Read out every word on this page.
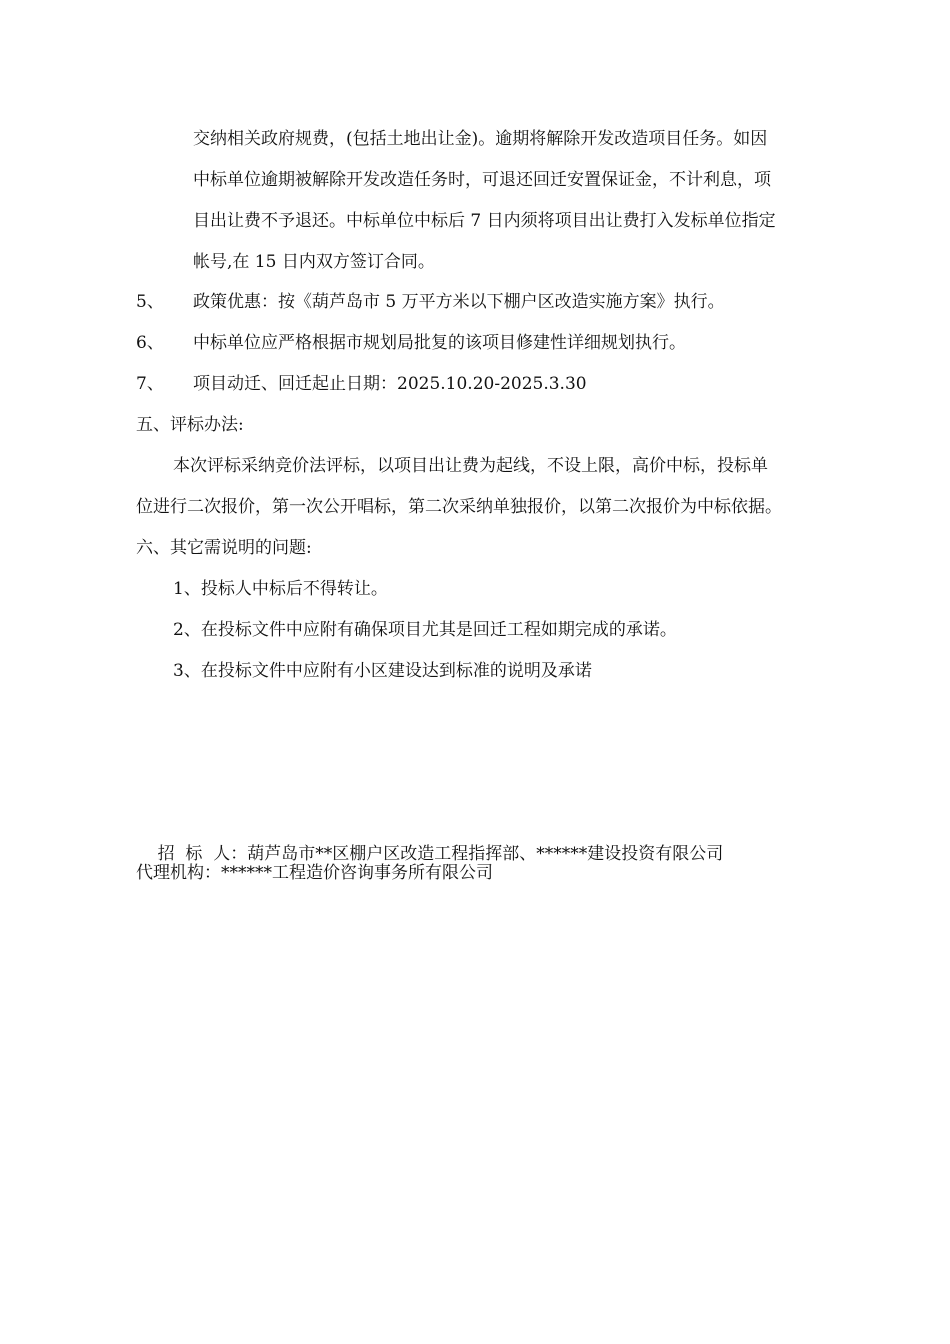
交纳相关政府规费，(包括土地出让金)。逾期将解除开发改造项目任务。如因
中标单位逾期被解除开发改造任务时，可退还回迁安置保证金，不计利息，项
目出让费不予退还。中标单位中标后 7 日内须将项目出让费打入发标单位指定
帐号,在 15 日内双方签订合同。
5、 政策优惠：按《葫芦岛市 5 万平方米以下棚户区改造实施方案》执行。
6、 中标单位应严格根据市规划局批复的该项目修建性详细规划执行。
7、 项目动迁、回迁起止日期：2025.10.20-2025.3.30
五、评标办法:
本次评标采纳竞价法评标，以项目出让费为起线，不设上限，高价中标，投标单
位进行二次报价，第一次公开唱标，第二次采纳单独报价，以第二次报价为中标依据。
六、其它需说明的问题:
1、投标人中标后不得转让。
2、在投标文件中应附有确保项目尤其是回迁工程如期完成的承诺。
3、在投标文件中应附有小区建设达到标准的说明及承诺

招  标  人：葫芦岛市**区棚户区改造工程指挥部、******建设投资有限公司

代理机构：******工程造价咨询事务所有限公司
